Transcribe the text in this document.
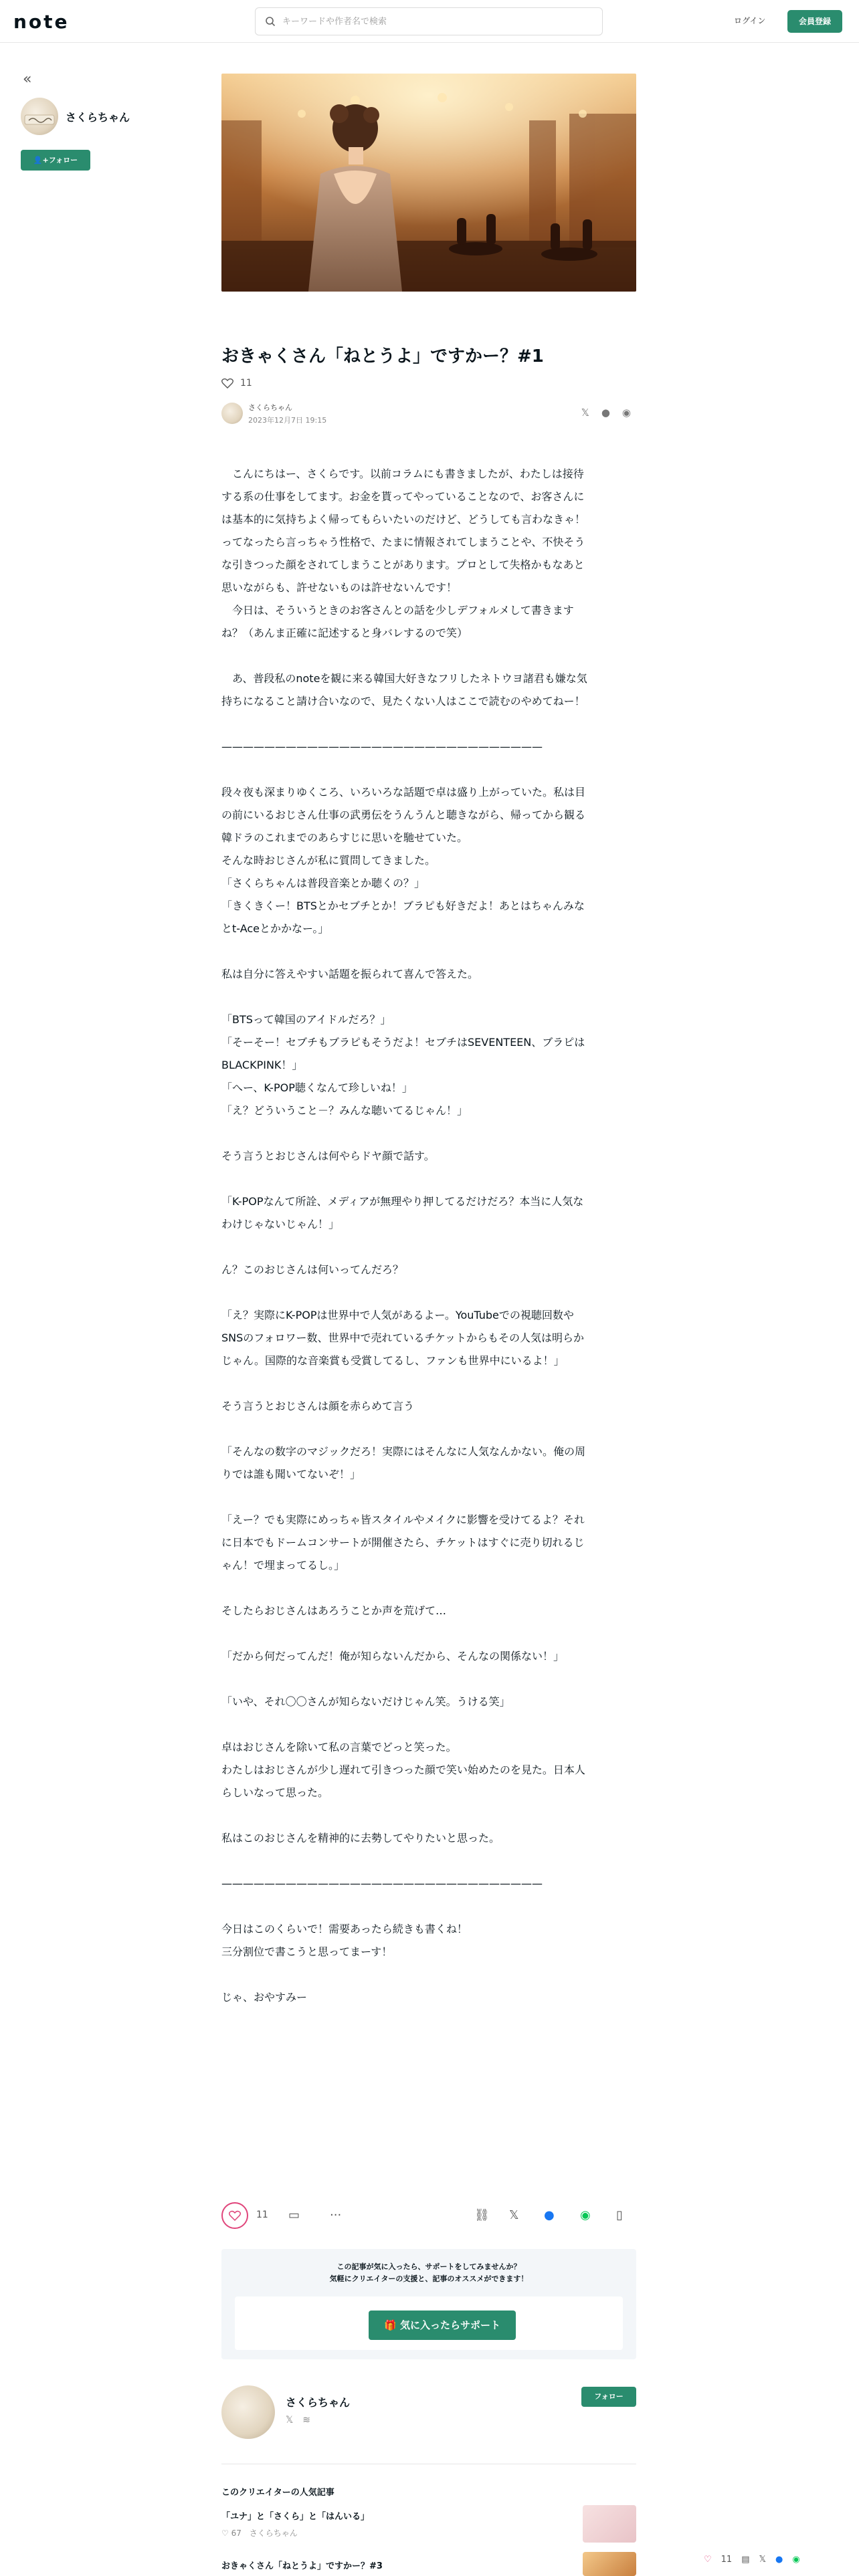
note
キーワードや作者名で検索	ログイン	会員登録
«
さくらちゃん
👤+フォロー
おきゃくさん「ねとうよ」ですかー？#1
11
さくらちゃん
2023年12月7日 19:15
𝕏 ● ◉
　こんにちはー、さくらです。以前コラムにも書きましたが、わたしは接待
する系の仕事をしてます。お金を貰ってやっていることなので、お客さんに
は基本的に気持ちよく帰ってもらいたいのだけど、どうしても言わなきゃ！
ってなったら言っちゃう性格で、たまに情報されてしまうことや、不快そう
な引きつった顔をされてしまうことがあります。プロとして失格かもなあと
思いながらも、許せないものは許せないんです！
　今日は、そういうときのお客さんとの話を少しデフォルメして書きます
ね？（あんま正確に記述すると身バレするので笑）
　あ、普段私のnoteを観に来る韓国大好きなフリしたネトウヨ諸君も嫌な気
持ちになること請け合いなので、見たくない人はここで読むのやめてねー！
——————————————————————————————
段々夜も深まりゆくころ、いろいろな話題で卓は盛り上がっていた。私は目
の前にいるおじさん仕事の武勇伝をうんうんと聴きながら、帰ってから観る
韓ドラのこれまでのあらすじに思いを馳せていた。
そんな時おじさんが私に質問してきました。
「さくらちゃんは普段音楽とか聴くの？」
「きくきくー！BTSとかセブチとか！ブラピも好きだよ！あとはちゃんみな
とt-Aceとかかなー。」
私は自分に答えやすい話題を振られて喜んで答えた。
「BTSって韓国のアイドルだろ？」
「そーそー！セブチもブラピもそうだよ！セブチはSEVENTEEN、ブラピは
BLACKPINK！」
「へー、K-POP聴くなんて珍しいね！」
「え？どういうこと－？みんな聴いてるじゃん！」
そう言うとおじさんは何やらドヤ顔で話す。
「K-POPなんて所詮、メディアが無理やり押してるだけだろ？本当に人気な
わけじゃないじゃん！」
ん？このおじさんは何いってんだろ？
「え？実際にK-POPは世界中で人気があるよー。YouTubeでの視聴回数や
SNSのフォロワー数、世界中で売れているチケットからもその人気は明らか
じゃん。国際的な音楽賞も受賞してるし、ファンも世界中にいるよ！」
そう言うとおじさんは顔を赤らめて言う
「そんなの数字のマジックだろ！実際にはそんなに人気なんかない。俺の周
りでは誰も聞いてないぞ！」
「えー？でも実際にめっちゃ皆スタイルやメイクに影響を受けてるよ？それ
に日本でもドームコンサートが開催さたら、チケットはすぐに売り切れるじ
ゃん！で埋まってるし。」
そしたらおじさんはあろうことか声を荒げて…
「だから何だってんだ！俺が知らないんだから、そんなの関係ない！」
「いや、それ〇〇さんが知らないだけじゃん笑。うける笑」
卓はおじさんを除いて私の言葉でどっと笑った。
わたしはおじさんが少し遅れて引きつった顔で笑い始めたのを見た。日本人
らしいなって思った。
私はこのおじさんを精神的に去勢してやりたいと思った。
——————————————————————————————
今日はこのくらいで！需要あったら続きも書くね！
三分割位で書こうと思ってまーす！
じゃ、おやすみー
11 ▭ ···	⛓ 𝕏 ● ◉ ▯
この記事が気に入ったら、サポートをしてみませんか？
気軽にクリエイターの支援と、記事のオススメができます！
🎁 気に入ったらサポート
さくらちゃん
𝕏 ≋
フォロー
このクリエイターの人気記事
「ユナ」と「さくら」と「はんいる」
♡ 67 さくらちゃん
おきゃくさん「ねとうよ」ですかー？#3
♡ 11 ▤ 𝕏 ● ◉
